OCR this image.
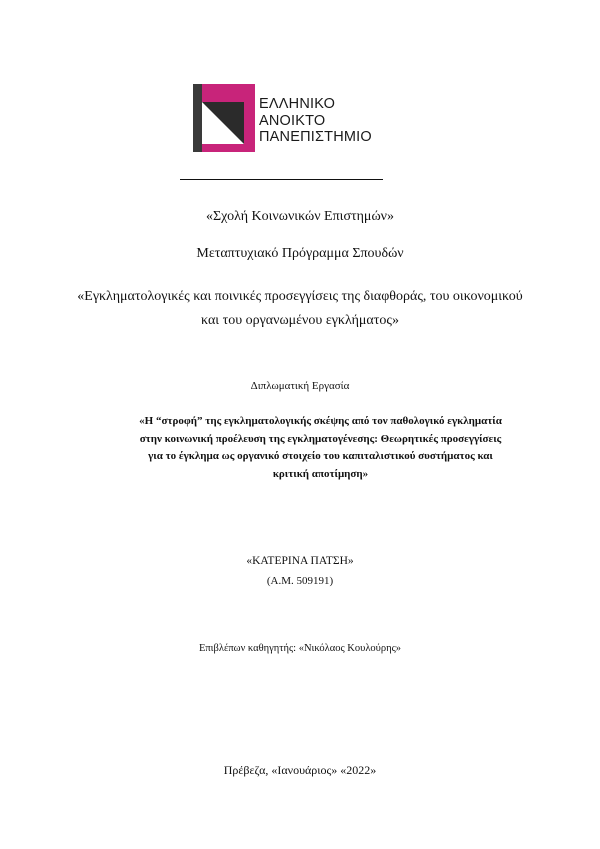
ΕΛΛΗΝΙΚΟ
ΑΝΟΙΚΤΟ
ΠΑΝΕΠΙΣΤΗΜΙΟ
«Σχολή Κοινωνικών Επιστημών»
Μεταπτυχιακό Πρόγραμμα Σπουδών
«Εγκληματολογικές και ποινικές προσεγγίσεις της διαφθοράς, του οικονομικού
και του οργανωμένου εγκλήματος»
Διπλωματική Εργασία
«Η “στροφή” της εγκληματολογικής σκέψης από τον παθολογικό εγκληματία
στην κοινωνική προέλευση της εγκληματογένεσης: Θεωρητικές προσεγγίσεις
για το έγκλημα ως οργανικό στοιχείο του καπιταλιστικού συστήματος και
κριτική αποτίμηση»
«ΚΑΤΕΡΙΝΑ ΠΑΤΣΗ»
(Α.Μ. 509191)
Επιβλέπων καθηγητής: «Νικόλαος Κουλούρης»
Πρέβεζα, «Ιανουάριος» «2022»
